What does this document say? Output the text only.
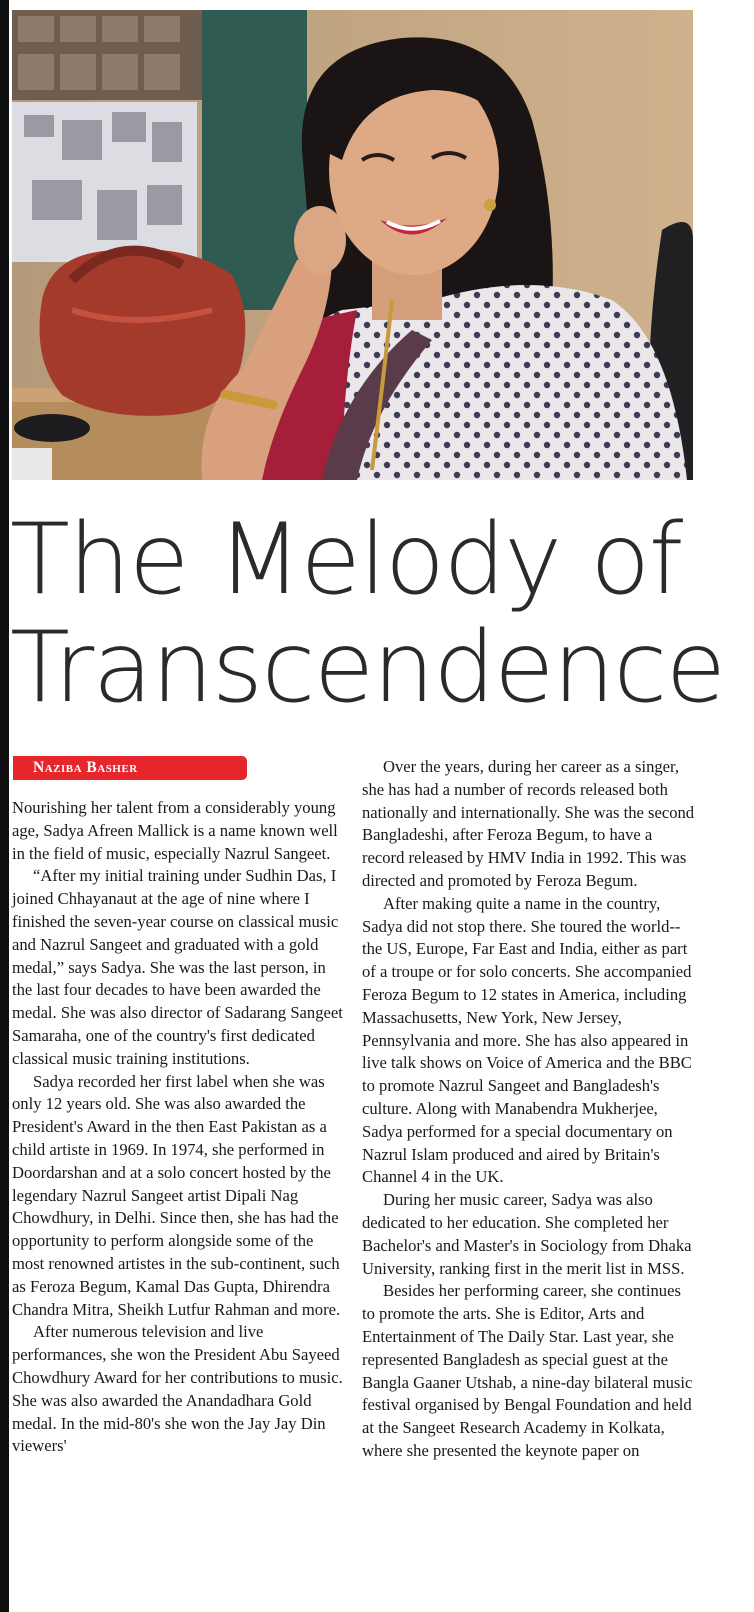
The Melody of
Transcendence
Naziba Basher

Nourishing her talent from a considerably young age, Sadya Afreen Mallick is a name known well in the field of music, especially Nazrul Sangeet.

“After my initial training under Sudhin Das, I joined Chhayanaut at the age of nine where I finished the seven-year course on classical music and Nazrul Sangeet and graduated with a gold medal,” says Sadya. She was the last person, in the last four decades to have been awarded the medal. She was also director of Sadarang Sangeet Samaraha, one of the country's first dedicated classical music training institutions.

Sadya recorded her first label when she was only 12 years old. She was also awarded the President's Award in the then East Pakistan as a child artiste in 1969. In 1974, she performed in Doordarshan and at a solo concert hosted by the legendary Nazrul Sangeet artist Dipali Nag Chowdhury, in Delhi. Since then, she has had the opportunity to perform alongside some of the most renowned artistes in the sub-continent, such as Feroza Begum, Kamal Das Gupta, Dhirendra Chandra Mitra, Sheikh Lutfur Rahman and more.

After numerous television and live performances, she won the President Abu Sayeed Chowdhury Award for her contributions to music. She was also awarded the Anandadhara Gold medal. In the mid-80's she won the Jay Jay Din viewers'

Over the years, during her career as a singer, she has had a number of records released both nationally and internationally. She was the second Bangladeshi, after Feroza Begum, to have a record released by HMV India in 1992. This was directed and promoted by Feroza Begum.

After making quite a name in the country, Sadya did not stop there. She toured the world-- the US, Europe, Far East and India, either as part of a troupe or for solo concerts. She accompanied Feroza Begum to 12 states in America, including Massachusetts, New York, New Jersey, Pennsylvania and more. She has also appeared in live talk shows on Voice of America and the BBC to promote Nazrul Sangeet and Bangladesh's culture. Along with Manabendra Mukherjee, Sadya performed for a special documentary on Nazrul Islam produced and aired by Britain's Channel 4 in the UK.

During her music career, Sadya was also dedicated to her education. She completed her Bachelor's and Master's in Sociology from Dhaka University, ranking first in the merit list in MSS.

Besides her performing career, she continues to promote the arts. She is Editor, Arts and Entertainment of The Daily Star. Last year, she represented Bangladesh as special guest at the Bangla Gaaner Utshab, a nine-day bilateral music festival organised by Bengal Foundation and held at the Sangeet Research Academy in Kolkata, where she presented the keynote paper on
